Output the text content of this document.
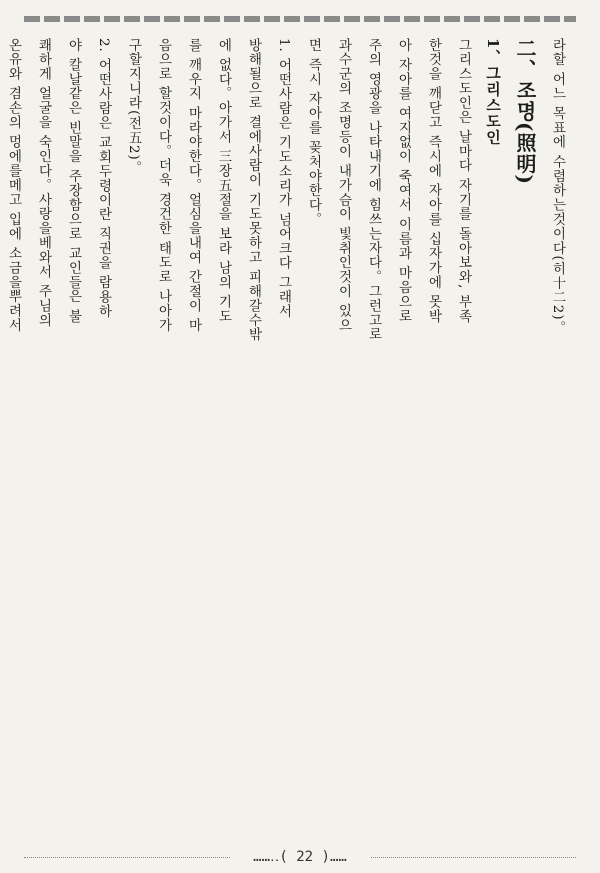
라할 어느 목표에 수렴하는것이다(히十二2)。
二、조명(照明)
1、그리스도인
그리스도인은 날마다 자기를 돌아보와, 부족
한것을 깨닫고 즉시에 자아를 십자가에 못박
아 자아를 여지없이 죽여서 이름과 마음으로
주의 영광을 나타내기에 힘쓰는자다。그런고로
과수군의 조명등이 내가슴이 빛취인것이 있으
면 즉시 자아를 꽂처야한다。
1. 어떤사람은 기도소리가 넘어크다 그래서
방해될으로 결에사람이 기도못하고 피해갈수밖
에 없다。아가서 三장五절을 보라 남의 기도
를 깨우지 마라야한다。얼심을내여 간절이 마
음으로 할것이다。더욱 경건한 태도로 나아가
구할지니라(전五2)。
2. 어떤사람은 교회두령이란 직권을 람용하
야 칼날같은 빈말을 주장함으로 교인들은 불
쾌하게 얼굴을 숙인다。사랑을베와서 주님의
온유와 겸손의 멍에를메고 입에 소금을뿌려서
……‥( 22 )……
